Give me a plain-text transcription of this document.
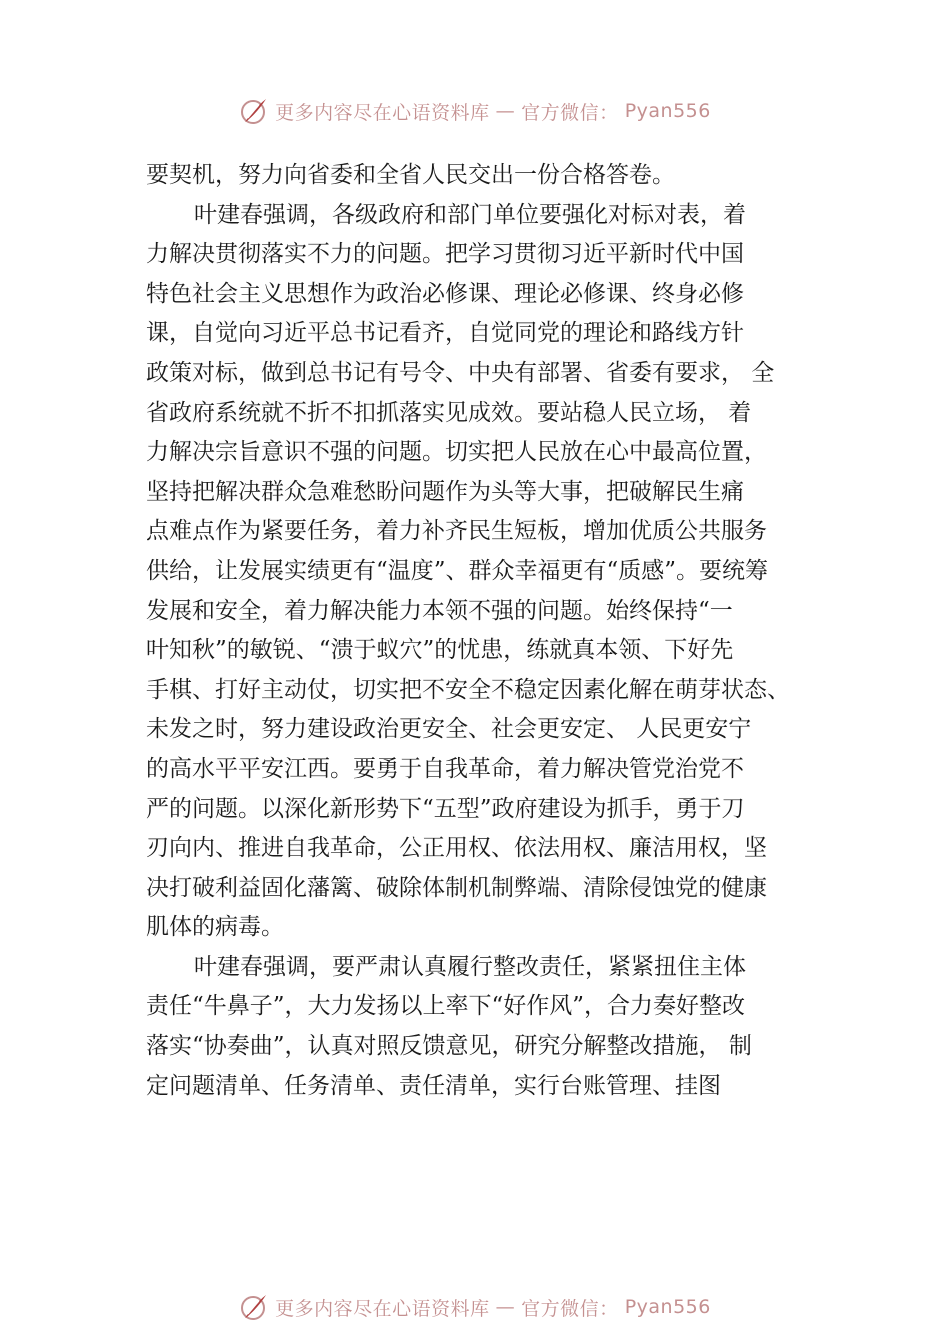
更多内容尽在心语资料库 — 官方微信： Pyan556
要契机，努力向省委和全省人民交出一份合格答卷。
叶建春强调，各级政府和部门单位要强化对标对表，着
力解决贯彻落实不力的问题。把学习贯彻习近平新时代中国
特色社会主义思想作为政治必修课、理论必修课、终身必修
课，自觉向习近平总书记看齐，自觉同党的理论和路线方针
政策对标，做到总书记有号令、中央有部署、省委有要求， 全
省政府系统就不折不扣抓落实见成效。要站稳人民立场， 着
力解决宗旨意识不强的问题。切实把人民放在心中最高位置，
坚持把解决群众急难愁盼问题作为头等大事，把破解民生痛
点难点作为紧要任务，着力补齐民生短板，增加优质公共服务
供给，让发展实绩更有“温度”、群众幸福更有“质感”。要统筹
发展和安全，着力解决能力本领不强的问题。始终保持“一
叶知秋”的敏锐、“溃于蚁穴”的忧患，练就真本领、下好先
手棋、打好主动仗，切实把不安全不稳定因素化解在萌芽状态、
未发之时，努力建设政治更安全、社会更安定、 人民更安宁
的高水平平安江西。要勇于自我革命，着力解决管党治党不
严的问题。以深化新形势下“五型”政府建设为抓手，勇于刀
刃向内、推进自我革命，公正用权、依法用权、廉洁用权，坚
决打破利益固化藩篱、破除体制机制弊端、清除侵蚀党的健康
肌体的病毒。
叶建春强调，要严肃认真履行整改责任，紧紧扭住主体
责任“牛鼻子”，大力发扬以上率下“好作风”，合力奏好整改
落实“协奏曲”，认真对照反馈意见，研究分解整改措施， 制
定问题清单、任务清单、责任清单，实行台账管理、挂图
更多内容尽在心语资料库 — 官方微信： Pyan556
